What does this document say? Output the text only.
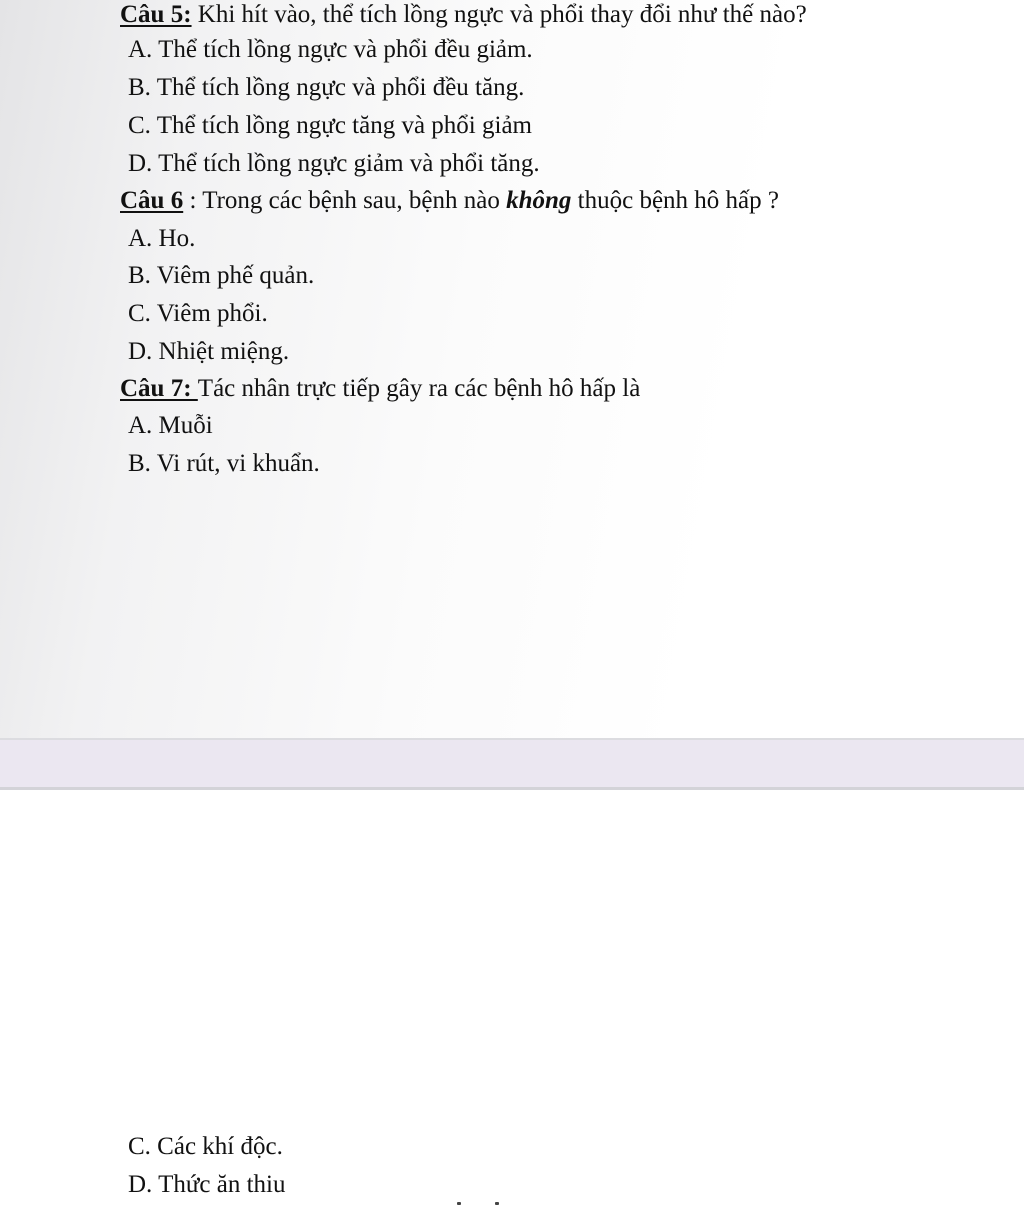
Câu 5: Khi hít vào, thể tích lồng ngực và phổi thay đổi như thế nào?
A. Thể tích lồng ngực và phổi đều giảm.
B. Thể tích lồng ngực và phổi đều tăng.
C. Thể tích lồng ngực tăng và phổi giảm
D. Thể tích lồng ngực giảm và phổi tăng.
Câu 6 : Trong các bệnh sau, bệnh nào không thuộc bệnh hô hấp ?
A. Ho.
B. Viêm phế quản.
C. Viêm phổi.
D. Nhiệt miệng.
Câu 7: Tác nhân trực tiếp gây ra các bệnh hô hấp là
A. Muỗi
B. Vi rút, vi khuẩn.
C. Các khí độc.
D. Thức ăn thiu
